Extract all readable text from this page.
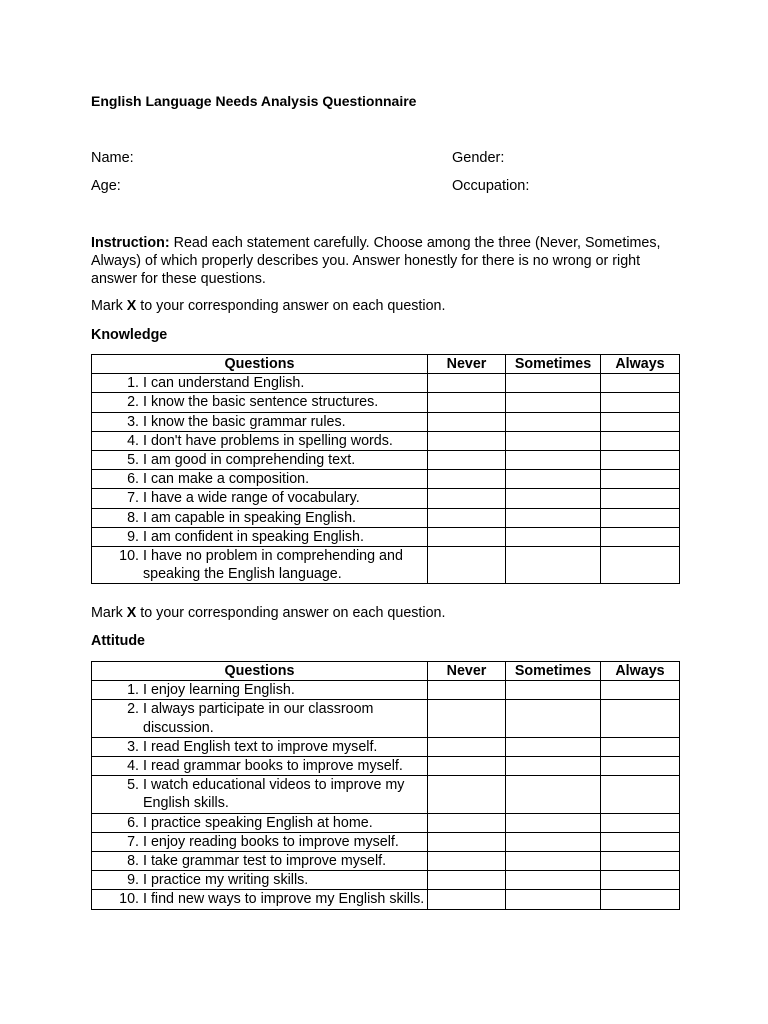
English Language Needs Analysis Questionnaire
Name:	Gender:
Age:	Occupation:
Instruction: Read each statement carefully. Choose among the three (Never, Sometimes, Always) of which properly describes you. Answer honestly for there is no wrong or right answer for these questions.
Mark X to your corresponding answer on each question.
Knowledge
Questions	Never	Sometimes	Always

1. I can understand English.			

2. I know the basic sentence structures.			

3. I know the basic grammar rules.			

4. I don't have problems in spelling words.			

5. I am good in comprehending text.			

6. I can make a composition.			

7. I have a wide range of vocabulary.			

8. I am capable in speaking English.			

9. I am confident in speaking English.			

10. I have no problem in comprehending and speaking the English language.			

Mark X to your corresponding answer on each question.
Attitude
Questions	Never	Sometimes	Always

1. I enjoy learning English.			

2. I always participate in our classroom discussion.			

3. I read English text to improve myself.			

4. I read grammar books to improve myself.			

5. I watch educational videos to improve my English skills.			

6. I practice speaking English at home.			

7. I enjoy reading books to improve myself.			

8. I take grammar test to improve myself.			

9. I practice my writing skills.			

10. I find new ways to improve my English skills.			
